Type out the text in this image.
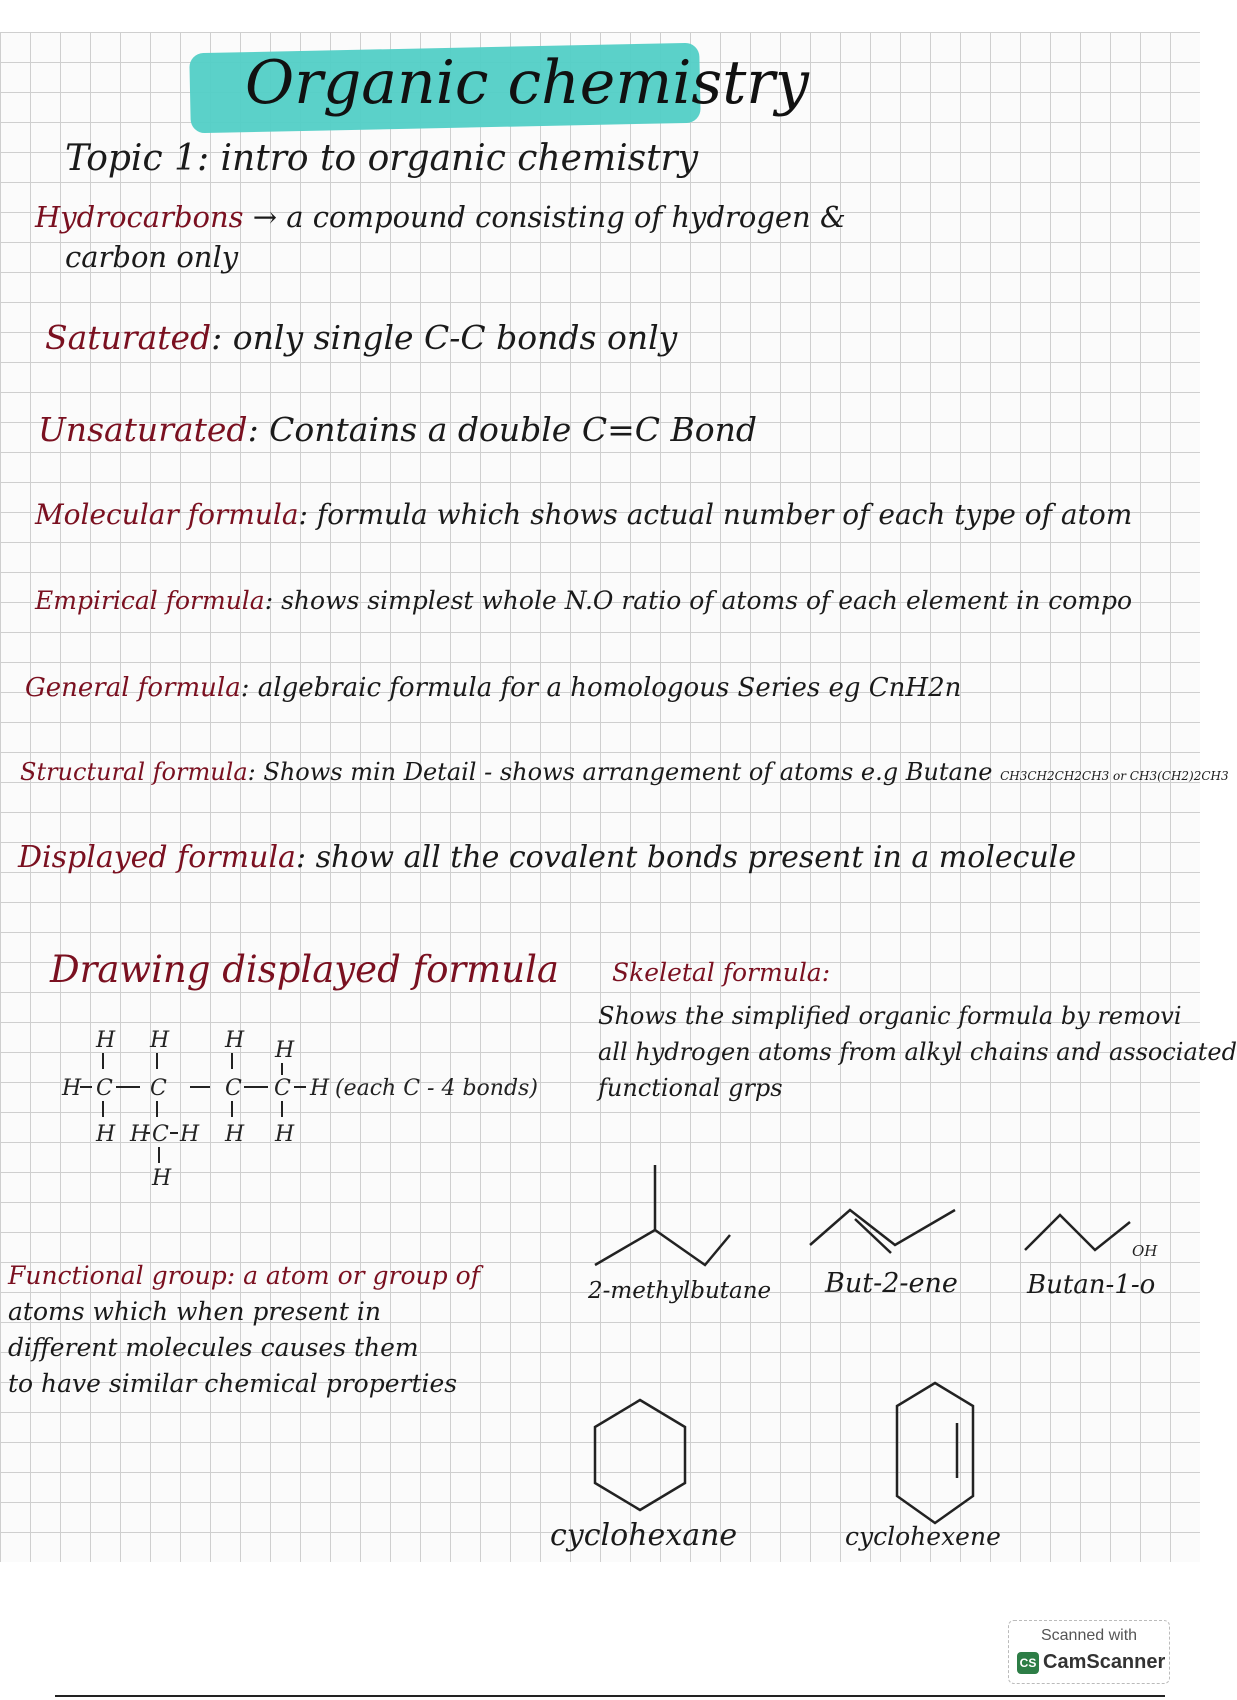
Organic chemistry
Topic 1: intro to organic chemistry
Hydrocarbons → a compound consisting of hydrogen &
carbon only
Saturated: only single C-C bonds only
Unsaturated: Contains a double C=C Bond
Molecular formula: formula which shows actual number of each type of atom
Empirical formula: shows simplest whole N.O ratio of atoms of each element in compo
General formula: algebraic formula for a homologous Series eg CnH2n
Structural formula: Shows min Detail - shows arrangement of atoms e.g Butane CH3CH2CH2CH3 or CH3(CH2)2CH3
Displayed formula: show all the covalent bonds present in a molecule
Drawing displayed formula
H H	H H
H C C	C C H
H H C H H H
H
(each C - 4 bonds)
Functional group: a atom or group of
atoms which when present in
different molecules causes them
to have similar chemical properties
Skeletal formula:
Shows the simplified organic formula by removi
all hydrogen atoms from alkyl chains and associated
functional grps
OH
2-methylbutane But-2-ene	Butan-1-o
cyclohexane	cyclohexene
Scanned with
CS CamScanner
